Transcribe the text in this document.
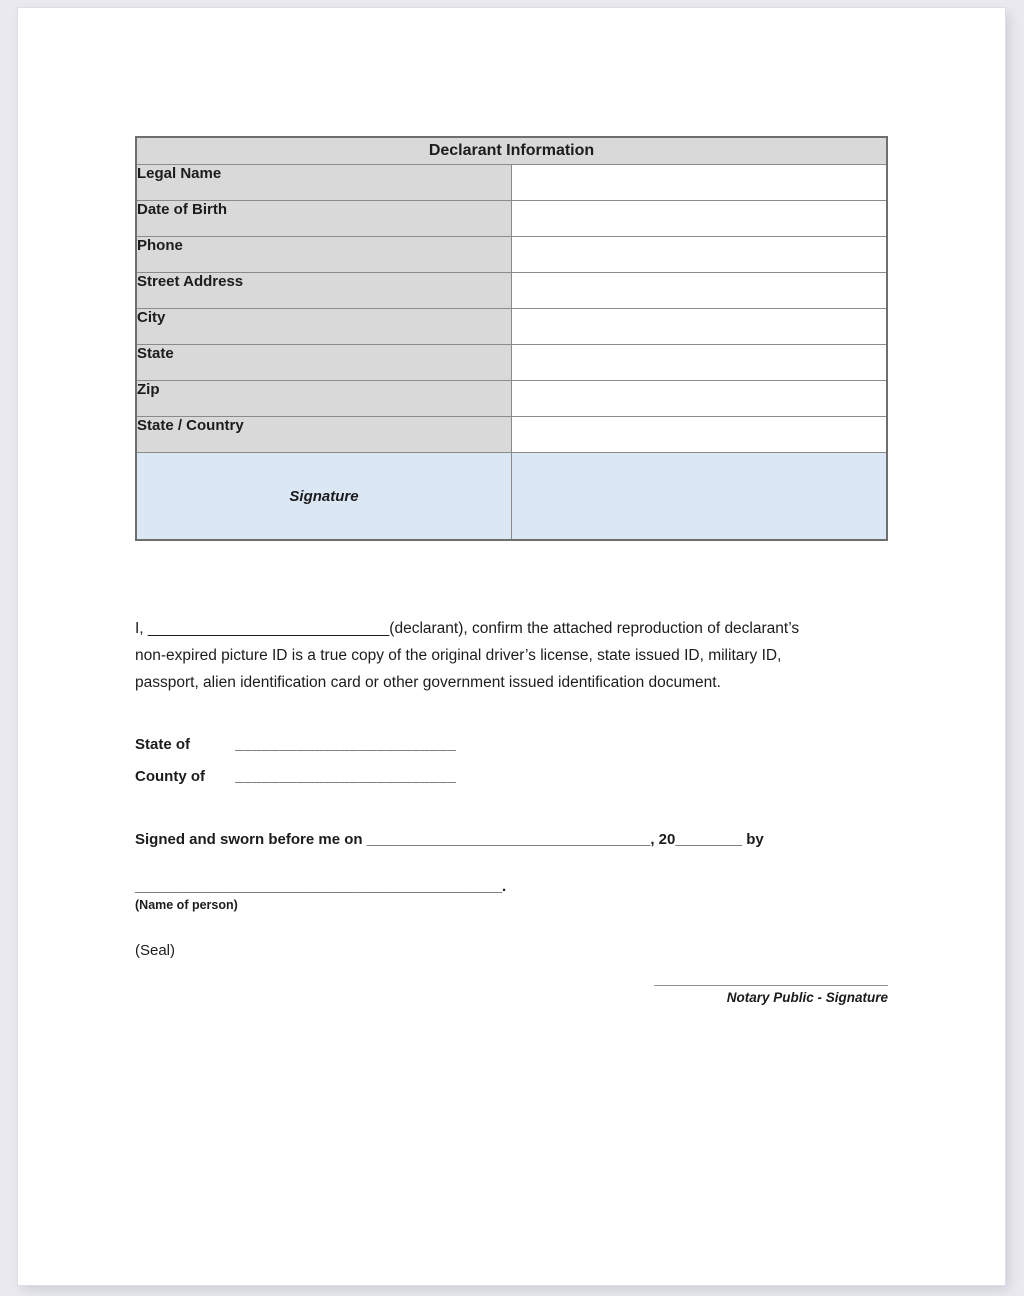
Declarant Information	
Legal Name	
Date of Birth	
Phone	
Street Address	
City	
State	
Zip	
State / Country	
Signature	
I, ____________________________(declarant), confirm the attached reproduction of declarant’s
non-expired picture ID is a true copy of the original driver’s license, state issued ID, military ID,
passport, alien identification card or other government issued identification document.
State of	_________________________
County of _________________________
Signed and sworn before me on __________________________________, 20________ by
____________________________________________.
(Name of person)
(Seal)
____________________________
Notary Public - Signature
